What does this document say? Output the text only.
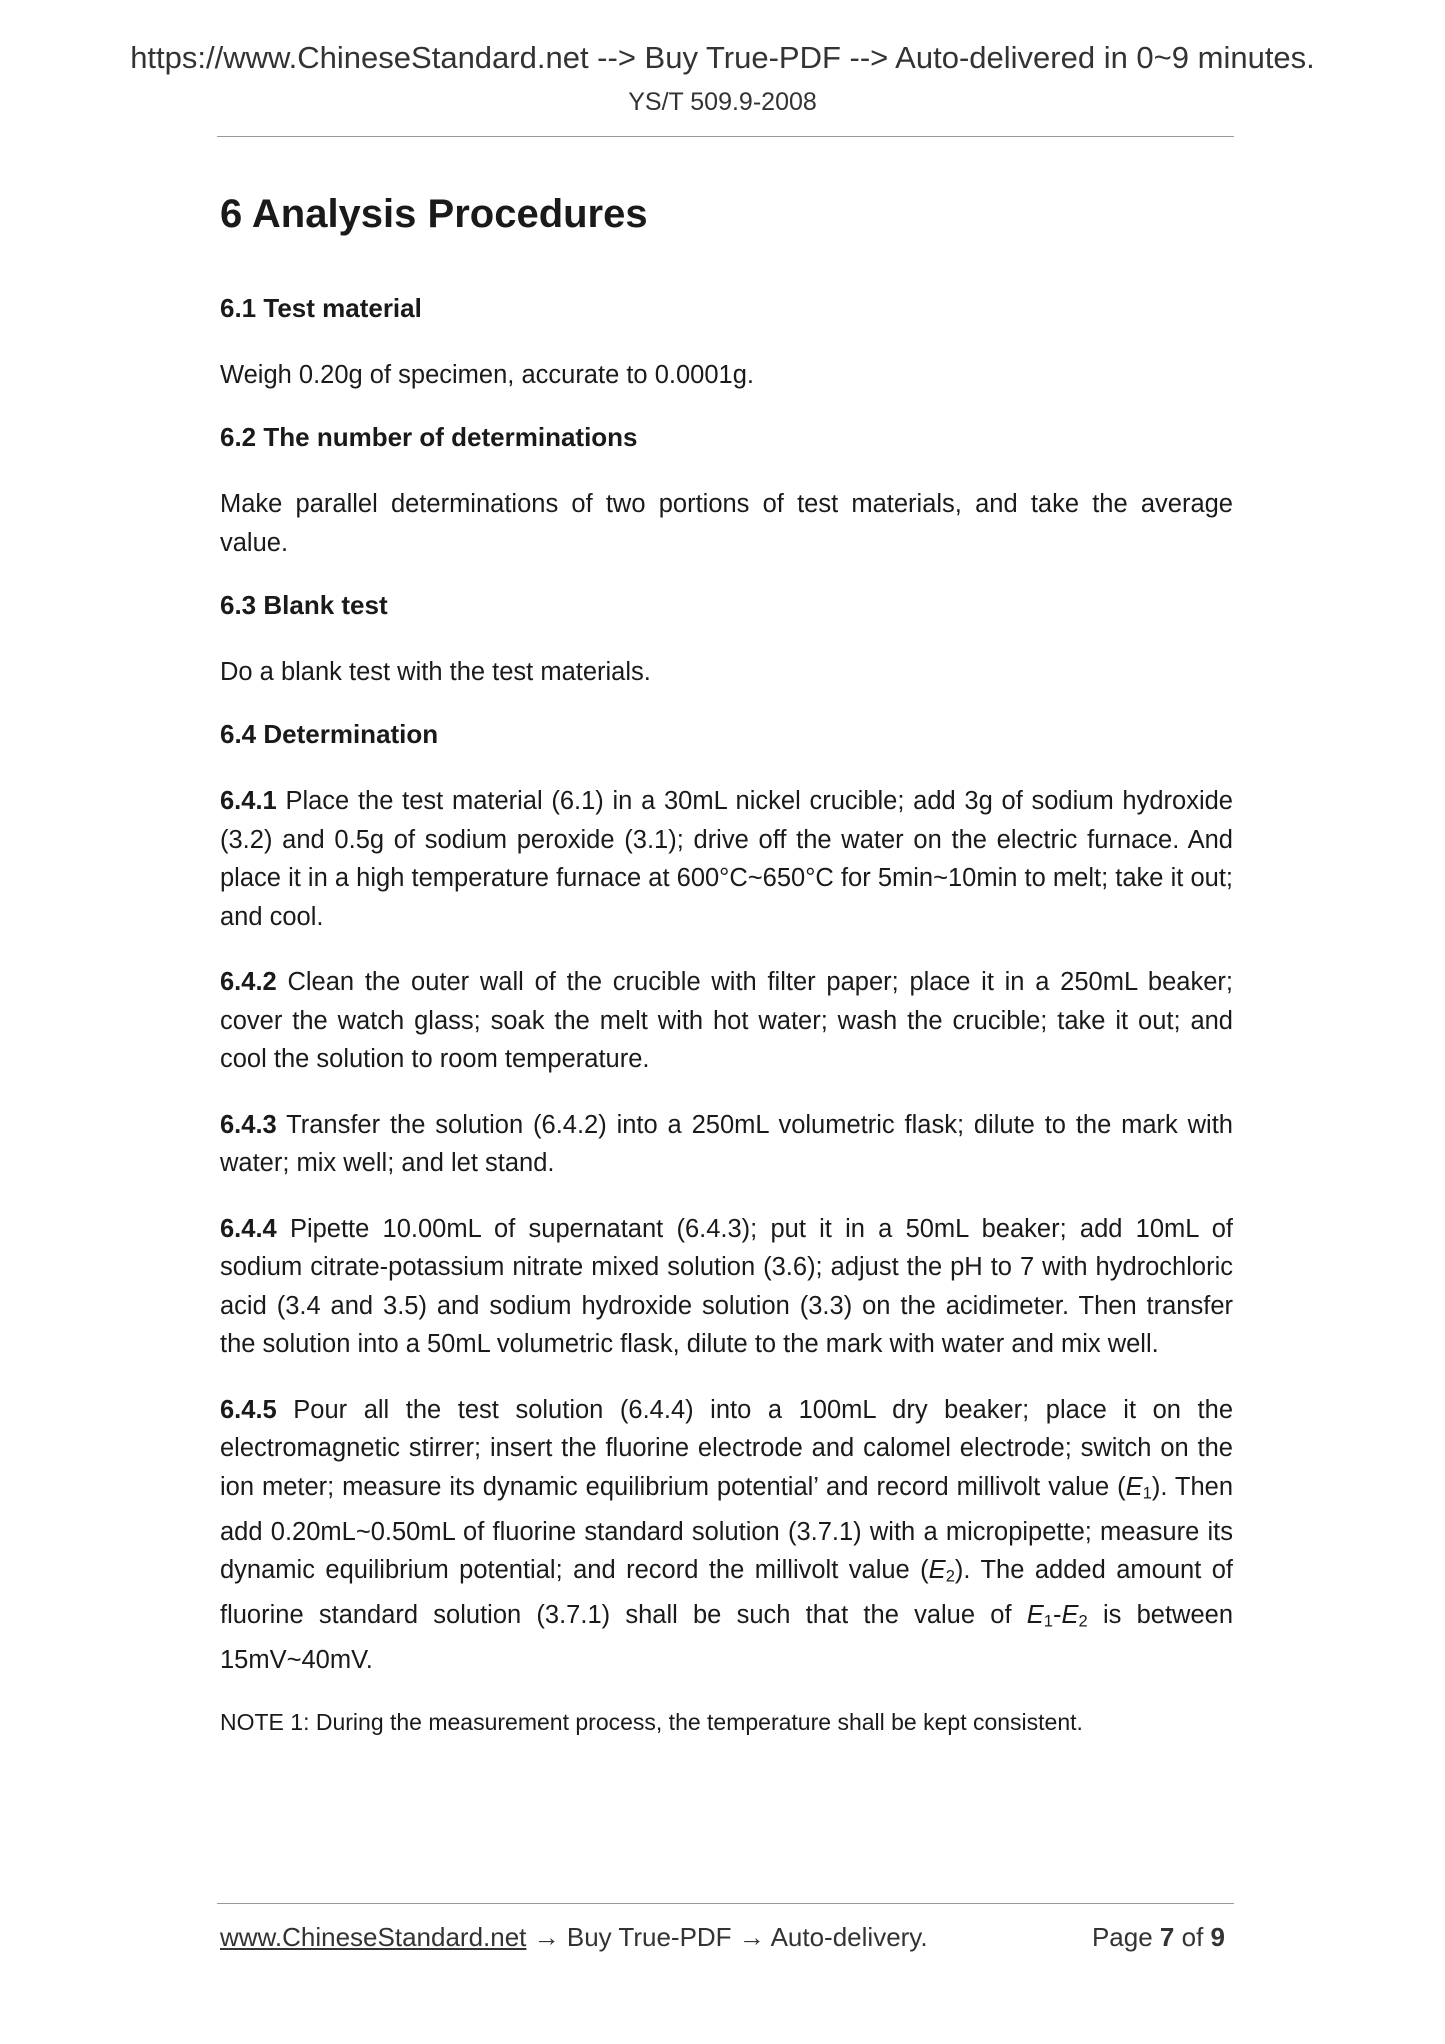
https://www.ChineseStandard.net --> Buy True-PDF --> Auto-delivered in 0~9 minutes.
YS/T 509.9-2008
6 Analysis Procedures
6.1 Test material
Weigh 0.20g of specimen, accurate to 0.0001g.
6.2 The number of determinations
Make parallel determinations of two portions of test materials, and take the average value.
6.3 Blank test
Do a blank test with the test materials.
6.4 Determination
6.4.1 Place the test material (6.1) in a 30mL nickel crucible; add 3g of sodium hydroxide (3.2) and 0.5g of sodium peroxide (3.1); drive off the water on the electric furnace. And place it in a high temperature furnace at 600°C~650°C for 5min~10min to melt; take it out; and cool.
6.4.2 Clean the outer wall of the crucible with filter paper; place it in a 250mL beaker; cover the watch glass; soak the melt with hot water; wash the crucible; take it out; and cool the solution to room temperature.
6.4.3 Transfer the solution (6.4.2) into a 250mL volumetric flask; dilute to the mark with water; mix well; and let stand.
6.4.4 Pipette 10.00mL of supernatant (6.4.3); put it in a 50mL beaker; add 10mL of sodium citrate-potassium nitrate mixed solution (3.6); adjust the pH to 7 with hydrochloric acid (3.4 and 3.5) and sodium hydroxide solution (3.3) on the acidimeter. Then transfer the solution into a 50mL volumetric flask, dilute to the mark with water and mix well.
6.4.5 Pour all the test solution (6.4.4) into a 100mL dry beaker; place it on the electromagnetic stirrer; insert the fluorine electrode and calomel electrode; switch on the ion meter; measure its dynamic equilibrium potential’ and record millivolt value $(E_1)$. Then add 0.20mL~0.50mL of fluorine standard solution (3.7.1) with a micropipette; measure its dynamic equilibrium potential; and record the millivolt value $(E_2)$. The added amount of fluorine standard solution (3.7.1) shall be such that the value of $E_1-E_2$ is between 15mV~40mV.
NOTE 1: During the measurement process, the temperature shall be kept consistent.
www.ChineseStandard.net → Buy True-PDF → Auto-delivery.	Page 7 of 9
